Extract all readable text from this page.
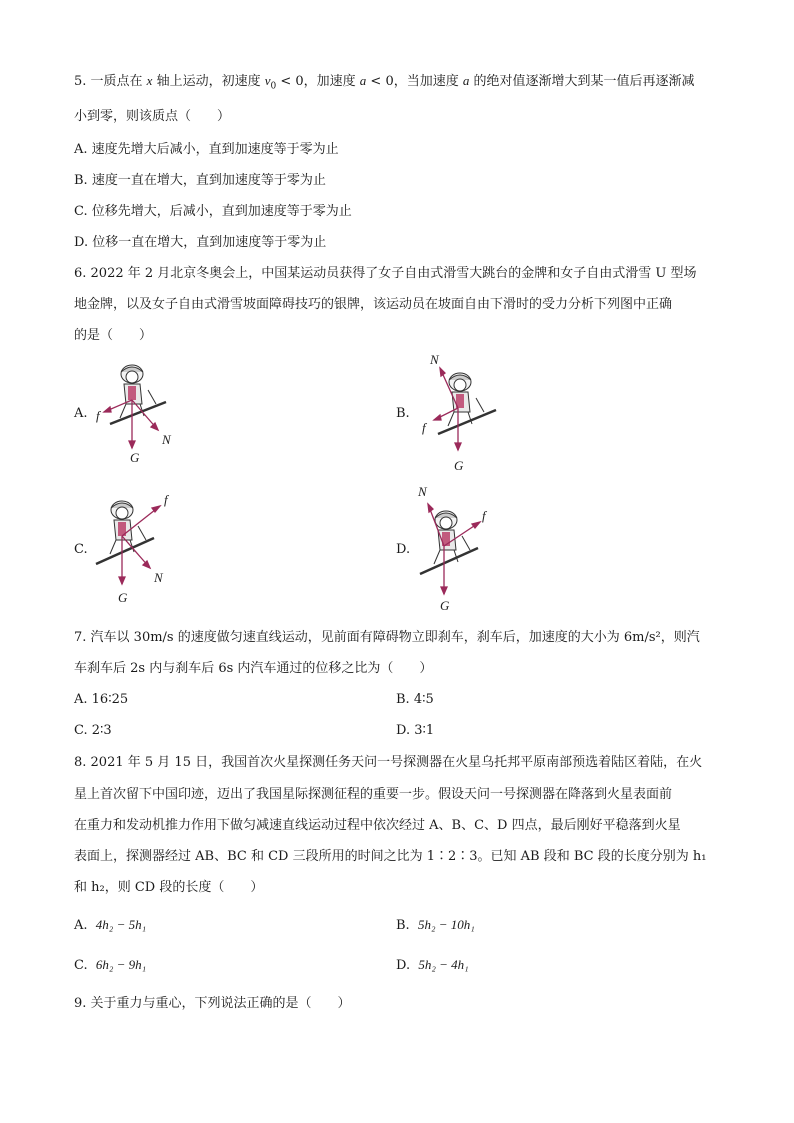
5. 一质点在 x 轴上运动，初速度 $v_0 < 0$，加速度 a < 0，当加速度 a 的绝对值逐渐增大到某一值后再逐渐减
小到零，则该质点（　　）
A. 速度先增大后减小，直到加速度等于零为止
B. 速度一直在增大，直到加速度等于零为止
C. 位移先增大，后减小，直到加速度等于零为止
D. 位移一直在增大，直到加速度等于零为止
6. 2022 年 2 月北京冬奥会上，中国某运动员获得了女子自由式滑雪大跳台的金牌和女子自由式滑雪 U 型场
地金牌，以及女子自由式滑雪坡面障碍技巧的银牌，该运动员在坡面自由下滑时的受力分析下列图中正确
的是（　　）
A. f
N
G
B.
N
f
G
C.
f
N
G
D.
N
f
G
7. 汽车以 30m/s 的速度做匀速直线运动，见前面有障碍物立即刹车，刹车后，加速度的大小为 6m/s²，则汽
车刹车后 2s 内与刹车后 6s 内汽车通过的位移之比为（　　）
A. 16∶25	B. 4∶5
C. 2∶3	D. 3∶1
8. 2021 年 5 月 15 日，我国首次火星探测任务天问一号探测器在火星乌托邦平原南部预选着陆区着陆，在火
星上首次留下中国印迹，迈出了我国星际探测征程的重要一步。假设天问一号探测器在降落到火星表面前
在重力和发动机推力作用下做匀减速直线运动过程中依次经过 A、B、C、D 四点，最后刚好平稳落到火星
表面上，探测器经过 AB、BC 和 CD 三段所用的时间之比为 1∶2∶3。已知 AB 段和 BC 段的长度分别为 h₁
和 h₂，则 CD 段的长度（　　）
A. 4h₂ − 5h₁	B. 5h₂ − 10h₁
C. 6h₂ − 9h₁	D. 5h₂ − 4h₁
9. 关于重力与重心，下列说法正确的是（　　）
